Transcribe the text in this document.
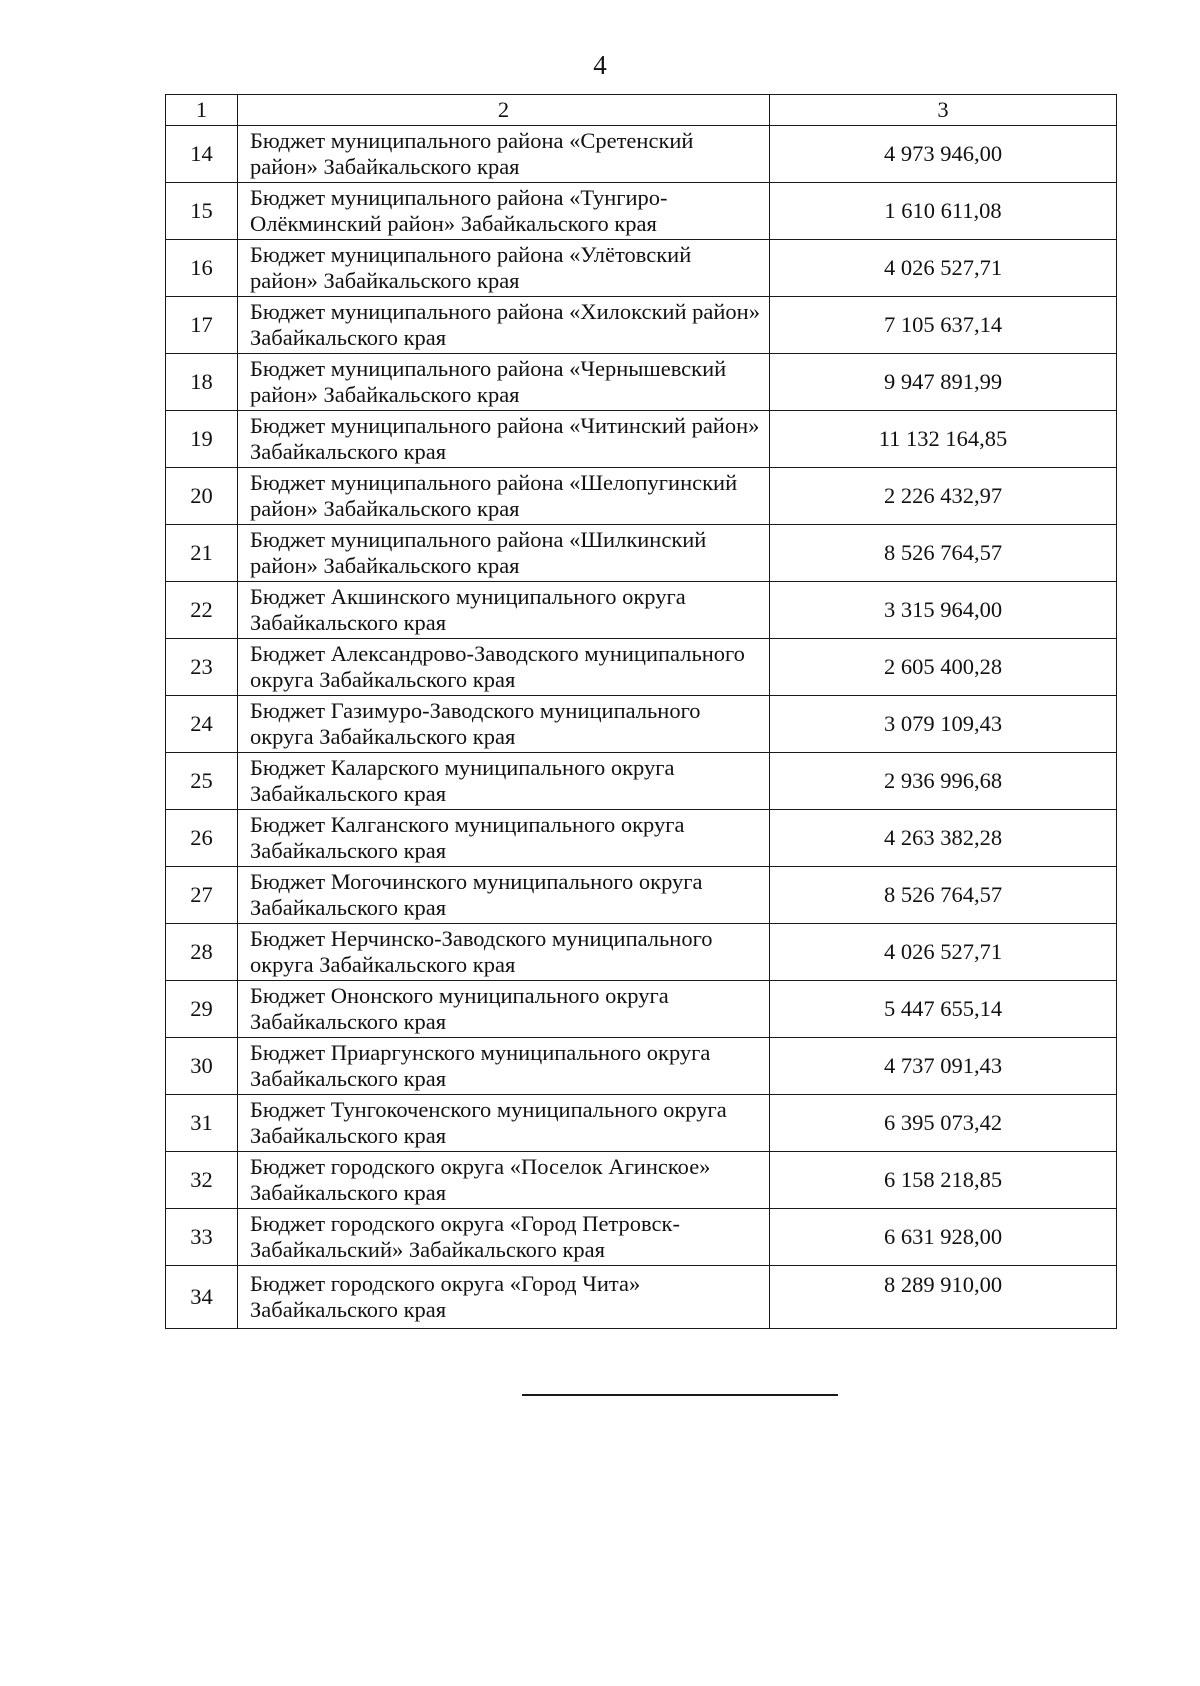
4
1	2	3
14	Бюджет муниципального района «Сретенский район» Забайкальского края	4 973 946,00
15	Бюджет муниципального района «Тунгиро-Олёкминский район» Забайкальского края	1 610 611,08
16	Бюджет муниципального района «Улётовский район» Забайкальского края	4 026 527,71
17	Бюджет муниципального района «Хилокский район» Забайкальского края	7 105 637,14
18	Бюджет муниципального района «Чернышевский район» Забайкальского края	9 947 891,99
19	Бюджет муниципального района «Читинский район» Забайкальского края	11 132 164,85
20	Бюджет муниципального района «Шелопугинский район» Забайкальского края	2 226 432,97
21	Бюджет муниципального района «Шилкинский район» Забайкальского края	8 526 764,57
22	Бюджет Акшинского муниципального округа Забайкальского края	3 315 964,00
23	Бюджет Александрово-Заводского муниципального округа Забайкальского края	2 605 400,28
24	Бюджет Газимуро-Заводского муниципального округа Забайкальского края	3 079 109,43
25	Бюджет Каларского муниципального округа Забайкальского края	2 936 996,68
26	Бюджет Калганского муниципального округа Забайкальского края	4 263 382,28
27	Бюджет Могочинского муниципального округа Забайкальского края	8 526 764,57
28	Бюджет Нерчинско-Заводского муниципального округа Забайкальского края	4 026 527,71
29	Бюджет Ононского муниципального округа Забайкальского края	5 447 655,14
30	Бюджет Приаргунского муниципального округа Забайкальского края	4 737 091,43
31	Бюджет Тунгокоченского муниципального округа Забайкальского края	6 395 073,42
32	Бюджет городского округа «Поселок Агинское» Забайкальского края	6 158 218,85
33	Бюджет городского округа «Город Петровск-Забайкальский» Забайкальского края	6 631 928,00
34	Бюджет городского округа «Город Чита» Забайкальского края	8 289 910,00
